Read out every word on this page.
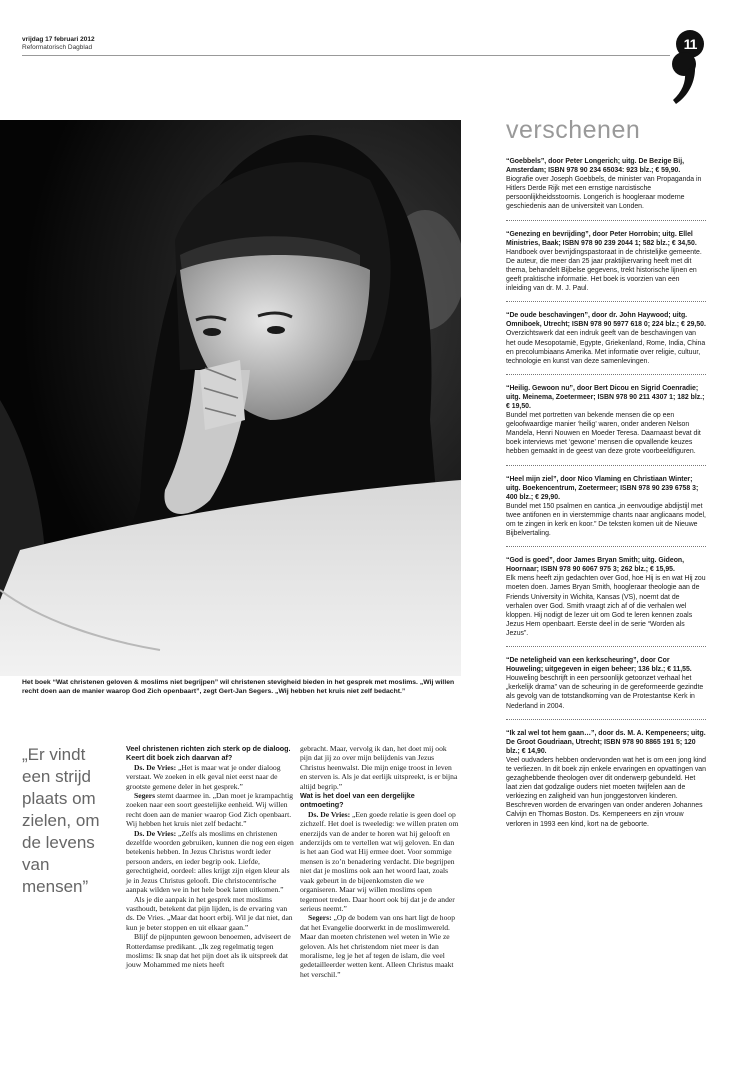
vrijdag 17 februari 2012
Reformatorisch Dagblad	11
Het boek “Wat christenen geloven & moslims niet begrijpen” wil christenen stevigheid bieden in het gesprek met moslims. „Wij willen recht doen aan de manier waarop God Zich openbaart”, zegt Gert-Jan Segers. „Wij hebben het kruis niet zelf bedacht.”
„Er vindt een strijd plaats om zielen, om de levens van mensen”

Veel christenen richten zich sterk op de dialoog. Keert dit boek zich daarvan af?

Ds. De Vries: „Het is maar wat je onder dialoog verstaat. We zoeken in elk geval niet eerst naar de grootste gemene deler in het gesprek.”

Segers stemt daarmee in. „Dan moet je krampachtig zoeken naar een soort geestelijke eenheid. Wij willen recht doen aan de manier waarop God Zich openbaart. Wij hebben het kruis niet zelf bedacht.”

Ds. De Vries: „Zelfs als moslims en christenen dezelfde woorden gebruiken, kunnen die nog een eigen betekenis hebben. In Jezus Christus wordt ieder persoon anders, en ieder begrip ook. Liefde, gerechtigheid, oordeel: alles krijgt zijn eigen kleur als je in Jezus Christus gelooft. Die christocentrische aanpak wilden we in het hele boek laten uitkomen.”

Als je die aanpak in het gesprek met moslims vasthoudt, betekent dat pijn lijden, is de ervaring van ds. De Vries. „Maar dat hoort erbij. Wil je dat niet, dan kun je beter stoppen en uit elkaar gaan.”

Blijf de pijnpunten gewoon benoemen, adviseert de Rotterdamse predikant. „Ik zeg regelmatig tegen moslims: Ik snap dat het pijn doet als ik uitspreek dat jouw Mohammed me niets heeft

gebracht. Maar, vervolg ik dan, het doet mij ook pijn dat jij zo over mijn belijdenis van Jezus Christus heenwalst. Die mijn enige troost in leven en sterven is. Als je dat eerlijk uitspreekt, is er bijna altijd begrip.”

Wat is het doel van een dergelijke ontmoeting?

Ds. De Vries: „Een goede relatie is geen doel op zichzelf. Het doel is tweeledig: we willen praten om enerzijds van de ander te horen wat hij gelooft en anderzijds om te vertellen wat wij geloven. En dan is het aan God wat Hij ermee doet. Voor sommige mensen is zo’n benadering verdacht. Die begrijpen niet dat je moslims ook aan het woord laat, zoals vaak gebeurt in de bijeenkomsten die we organiseren. Maar wij willen moslims open tegemoet treden. Daar hoort ook bij dat je de ander serieus neemt.”

Segers: „Op de bodem van ons hart ligt de hoop dat het Evangelie doorwerkt in de moslimwereld. Maar dan moeten christenen wel weten in Wie ze geloven. Als het christendom niet meer is dan moralisme, leg je het af tegen de islam, die veel gedetailleerder wetten kent. Alleen Christus maakt het verschil.”

verschenen
“Goebbels”, door Peter Longerich; uitg. De Bezige Bij, Amsterdam; ISBN 978 90 234 65034: 923 blz.; € 59,90.
Biografie over Joseph Goebbels, de minister van Propaganda in Hitlers Derde Rijk met een ernstige narcistische persoonlijkheidsstoornis. Longerich is hoogleraar moderne geschiedenis aan de universiteit van Londen.
“Genezing en bevrijding”, door Peter Horrobin; uitg. Ellel Ministries, Baak; ISBN 978 90 239 2044 1; 582 blz.; € 34,50.
Handboek over bevrijdingspastoraat in de christelijke gemeente. De auteur, die meer dan 25 jaar praktijkervaring heeft met dit thema, behandelt Bijbelse gegevens, trekt historische lijnen en geeft praktische informatie. Het boek is voorzien van een inleiding van dr. M. J. Paul.
“De oude beschavingen”, door dr. John Haywood; uitg. Omniboek, Utrecht; ISBN 978 90 5977 618 0; 224 blz.; € 29,50.
Overzichtswerk dat een indruk geeft van de beschavingen van het oude Mesopotamië, Egypte, Griekenland, Rome, India, China en precolumbiaans Amerika. Met informatie over religie, cultuur, technologie en kunst van deze samenlevingen.
“Heilig. Gewoon nu”, door Bert Dicou en Sigrid Coenradie; uitg. Meinema, Zoetermeer; ISBN 978 90 211 4307 1; 182 blz.; € 19,50.
Bundel met portretten van bekende mensen die op een geloofwaardige manier ‘heilig’ waren, onder anderen Nelson Mandela, Henri Nouwen en Moeder Teresa. Daarnaast bevat dit boek interviews met ‘gewone’ mensen die opvallende keuzes hebben gemaakt in de geest van deze grote voorbeeldfiguren.
“Heel mijn ziel”, door Nico Vlaming en Christiaan Winter; uitg. Boekencentrum, Zoetermeer; ISBN 978 90 239 6758 3; 400 blz.; € 29,90.
Bundel met 150 psalmen en cantica „in eenvoudige abdijstijl met twee antifonen en in vierstemmige chants naar anglicaans model, om te zingen in kerk en koor.” De teksten komen uit de Nieuwe Bijbelvertaling.
“God is goed”, door James Bryan Smith; uitg. Gideon, Hoornaar; ISBN 978 90 6067 975 3; 262 blz.; € 15,95.
Elk mens heeft zijn gedachten over God, hoe Hij is en wat Hij zou moeten doen. James Bryan Smith, hoogleraar theologie aan de Friends University in Wichita, Kansas (VS), noemt dat de verhalen over God. Smith vraagt zich af of die verhalen wel kloppen. Hij nodigt de lezer uit om God te leren kennen zoals Jezus Hem openbaart. Eerste deel in de serie “Worden als Jezus”.
“De neteligheid van een kerkscheuring”, door Cor Houweling; uitgegeven in eigen beheer; 136 blz.; € 11,55.
Houweling beschrijft in een persoonlijk getoonzet verhaal het „kerkelijk drama” van de scheuring in de gereformeerde gezindte als gevolg van de totstandkoming van de Protestantse Kerk in Nederland in 2004.
“Ik zal wel tot hem gaan…”, door ds. M. A. Kempeneers; uitg. De Groot Goudriaan, Utrecht; ISBN 978 90 8865 191 5; 120 blz.; € 14,90.
Veel oudvaders hebben ondervonden wat het is om een jong kind te verliezen. In dit boek zijn enkele ervaringen en opvattingen van gezaghebbende theologen over dit onderwerp gebundeld. Het laat zien dat godzalige ouders niet moeten twijfelen aan de verkiezing en zaligheid van hun jonggestorven kinderen. Beschreven worden de ervaringen van onder anderen Johannes Calvijn en Thomas Boston. Ds. Kempeneers en zijn vrouw verloren in 1993 een kind, kort na de geboorte.
